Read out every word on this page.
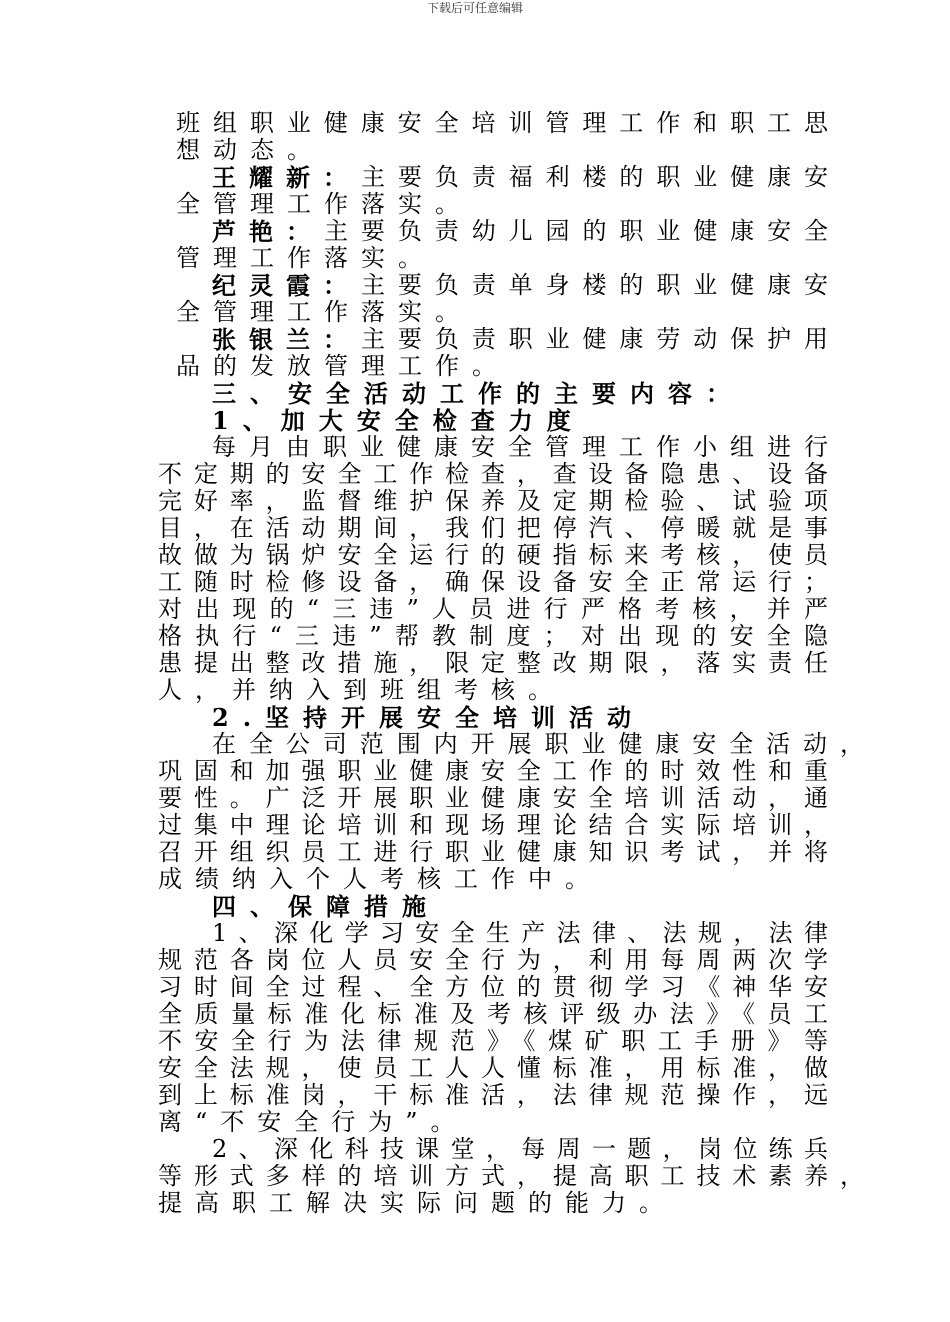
下载后可任意编辑
班组职业健康安全培训管理工作和职工思
想动态。
王耀新： 主要负责福利楼的职业健康安
全管理工作落实。
芦艳： 主要负责幼儿园的职业健康安全
管理工作落实。
纪灵霞： 主要负责单身楼的职业健康安
全管理工作落实。
张银兰： 主要负责职业健康劳动保护用
品的发放管理工作。
三、安全活动工作的主要内容：
1、加大安全检查力度
每月由职业健康安全管理工作小组进行
不定期的安全工作检查，查设备隐患、设备
完好率，监督维护保养及定期检验、试验项
目，在活动期间，我们把停汽、停暖就是事
故做为锅炉安全运行的硬指标来考核，使员
工随时检修设备，确保设备安全正常运行；
对出现的“三违”人员进行严格考核，并严
格执行“三违”帮教制度；对出现的安全隐
患提出整改措施，限定整改期限，落实责任
人，并纳入到班组考核。
2.坚持开展安全培训活动
在全公司范围内开展职业健康安全活动，
巩固和加强职业健康安全工作的时效性和重
要性。广泛开展职业健康安全培训活动，通
过集中理论培训和现场理论结合实际培训，
召开组织员工进行职业健康知识考试，并将
成绩纳入个人考核工作中。
四、保障措施
1、深化学习安全生产法律、法规，法律
规范各岗位人员安全行为，利用每周两次学
习时间全过程、全方位的贯彻学习《神华安
全质量标准化标准及考核评级办法》《员工
不安全行为法律规范》《煤矿职工手册》等
安全法规，使员工人人懂标准，用标准，做
到上标准岗，干标准活，法律规范操作，远
离“不安全行为”。
2、深化科技课堂，每周一题，岗位练兵
等形式多样的培训方式，提高职工技术素养，
提高职工解决实际问题的能力。
